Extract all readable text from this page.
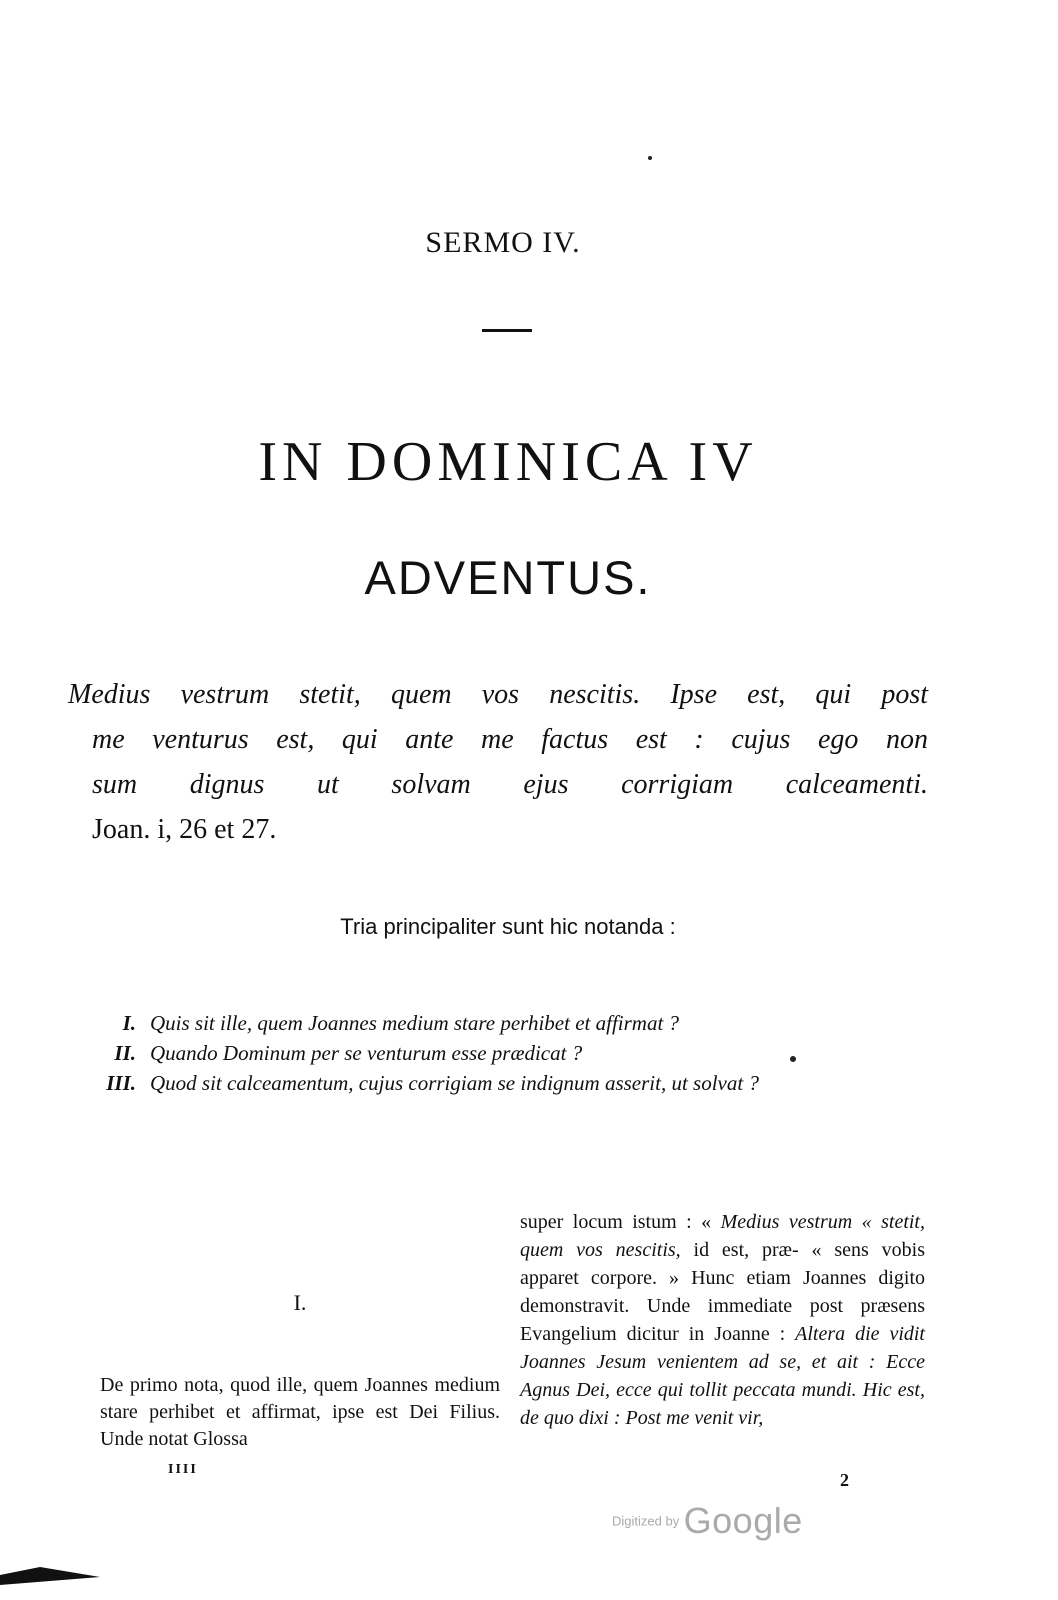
SERMO IV.
IN DOMINICA IV
ADVENTUS.
Medius vestrum stetit, quem vos nescitis. Ipse est, qui post
me venturus est, qui ante me factus est : cujus ego non
sum dignus ut solvam ejus corrigiam calceamenti.
Joan. i, 26 et 27.
Tria principaliter sunt hic notanda :
I. Quis sit ille, quem Joannes medium stare perhibet et affirmat ?
II. Quando Dominum per se venturum esse prædicat ?
III. Quod sit calceamentum, cujus corrigiam se indignum asserit, ut solvat ?
I.
De primo nota, quod ille, quem Joannes medium stare perhibet et affirmat, ipse est Dei Filius. Unde notat Glossa
super locum istum : « Medius vestrum « stetit, quem vos nescitis, id est, præ- « sens vobis apparet corpore. » Hunc etiam Joannes digito demonstravit. Unde immediate post præsens Evangelium dicitur in Joanne : Altera die vidit Joannes Jesum venientem ad se, et ait : Ecce Agnus Dei, ecce qui tollit peccata mundi. Hic est, de quo dixi : Post me venit vir,
IIII
2
Digitized by Google
